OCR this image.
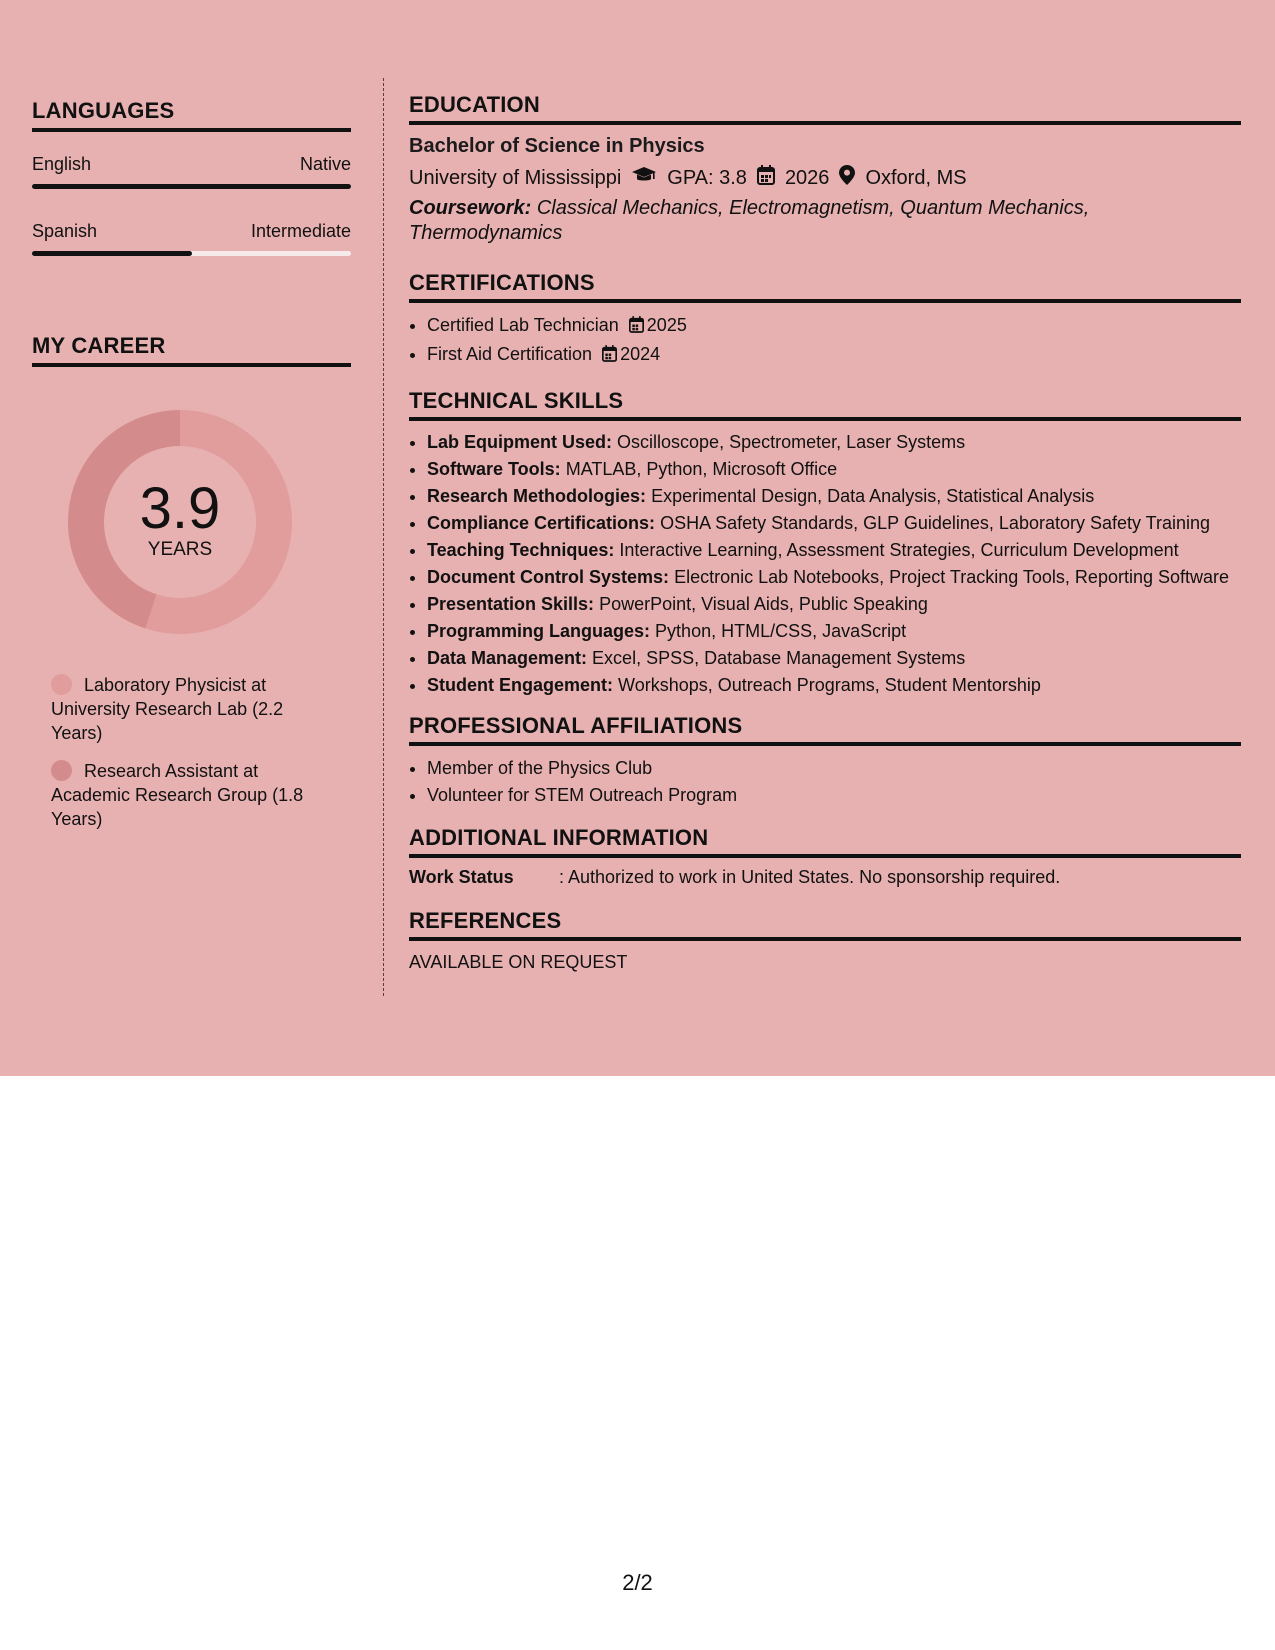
LANGUAGES
English	Native
Spanish	Intermediate
MY CAREER
3.9
YEARS
Laboratory Physicist at University Research Lab (2.2 Years)
Research Assistant at Academic Research Group (1.8 Years)
EDUCATION
Bachelor of Science in Physics
University of Mississippi GPA: 3.8 2026 Oxford, MS
Coursework: Classical Mechanics, Electromagnetism, Quantum Mechanics, Thermodynamics
CERTIFICATIONS
• Certified Lab Technician 2025
• First Aid Certification 2024
TECHNICAL SKILLS
• Lab Equipment Used: Oscilloscope, Spectrometer, Laser Systems
• Software Tools: MATLAB, Python, Microsoft Office
• Research Methodologies: Experimental Design, Data Analysis, Statistical Analysis
• Compliance Certifications: OSHA Safety Standards, GLP Guidelines, Laboratory Safety Training
• Teaching Techniques: Interactive Learning, Assessment Strategies, Curriculum Development
• Document Control Systems: Electronic Lab Notebooks, Project Tracking Tools, Reporting Software
• Presentation Skills: PowerPoint, Visual Aids, Public Speaking
• Programming Languages: Python, HTML/CSS, JavaScript
• Data Management: Excel, SPSS, Database Management Systems
• Student Engagement: Workshops, Outreach Programs, Student Mentorship
PROFESSIONAL AFFILIATIONS
• Member of the Physics Club
• Volunteer for STEM Outreach Program
ADDITIONAL INFORMATION
Work Status	: Authorized to work in United States. No sponsorship required.
REFERENCES
AVAILABLE ON REQUEST
2/2
